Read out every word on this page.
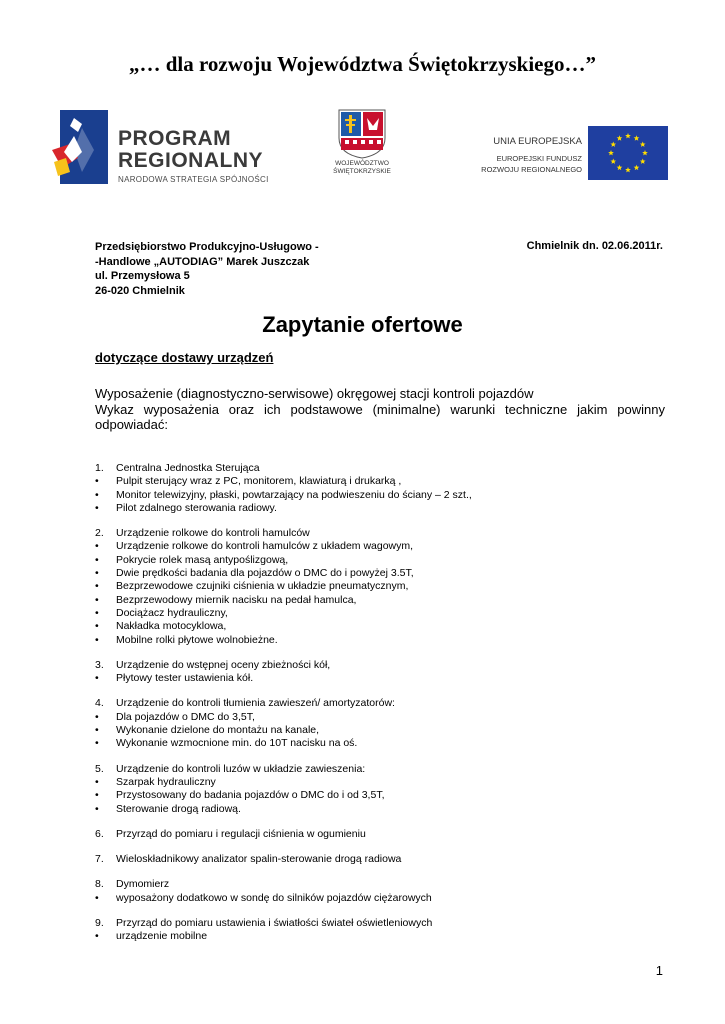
„… dla rozwoju Województwa Świętokrzyskiego…”
PROGRAM
REGIONALNY
NARODOWA STRATEGIA SPÓJNOŚCI
WOJEWÓDZTWO
ŚWIĘTOKRZYSKIE
UNIA EUROPEJSKA
EUROPEJSKI FUNDUSZ
ROZWOJU REGIONALNEGO
Przedsiębiorstwo Produkcyjno-Usługowo -
-Handlowe „AUTODIAG” Marek Juszczak
ul. Przemysłowa 5
26-020 Chmielnik
Chmielnik dn. 02.06.2011r.
Zapytanie ofertowe
dotyczące dostawy urządzeń

Wyposażenie (diagnostyczno-serwisowe) okręgowej stacji kontroli pojazdów

Wykaz wyposażenia oraz ich podstawowe (minimalne) warunki techniczne jakim powinny odpowiadać:

1. Centralna Jednostka Sterująca
• Pulpit sterujący wraz z PC, monitorem, klawiaturą i drukarką ,
• Monitor telewizyjny, płaski, powtarzający na podwieszeniu do ściany – 2 szt.,
• Pilot zdalnego sterowania radiowy.
2. Urządzenie rolkowe do kontroli hamulców
• Urządzenie rolkowe do kontroli hamulców z układem wagowym,
• Pokrycie rolek masą antypoślizgową,
• Dwie prędkości badania dla pojazdów o DMC do i powyżej 3.5T,
• Bezprzewodowe czujniki ciśnienia w układzie pneumatycznym,
• Bezprzewodowy miernik nacisku na pedał hamulca,
• Dociążacz hydrauliczny,
• Nakładka motocyklowa,
• Mobilne rolki płytowe wolnobieżne.
3. Urządzenie do wstępnej oceny zbieżności kół,
• Płytowy tester ustawienia kół.
4. Urządzenie do kontroli tłumienia zawieszeń/ amortyzatorów:
• Dla pojazdów o DMC do 3,5T,
• Wykonanie dzielone do montażu na kanale,
• Wykonanie wzmocnione min. do 10T nacisku na oś.
5. Urządzenie do kontroli luzów w układzie zawieszenia:
• Szarpak hydrauliczny
• Przystosowany do badania pojazdów o DMC do i od 3,5T,
• Sterowanie drogą radiową.
6. Przyrząd do pomiaru i regulacji ciśnienia w ogumieniu
7. Wieloskładnikowy analizator spalin-sterowanie drogą radiowa
8. Dymomierz
• wyposażony dodatkowo w sondę do silników pojazdów ciężarowych
9. Przyrząd do pomiaru ustawienia i światłości świateł oświetleniowych
• urządzenie mobilne
1
